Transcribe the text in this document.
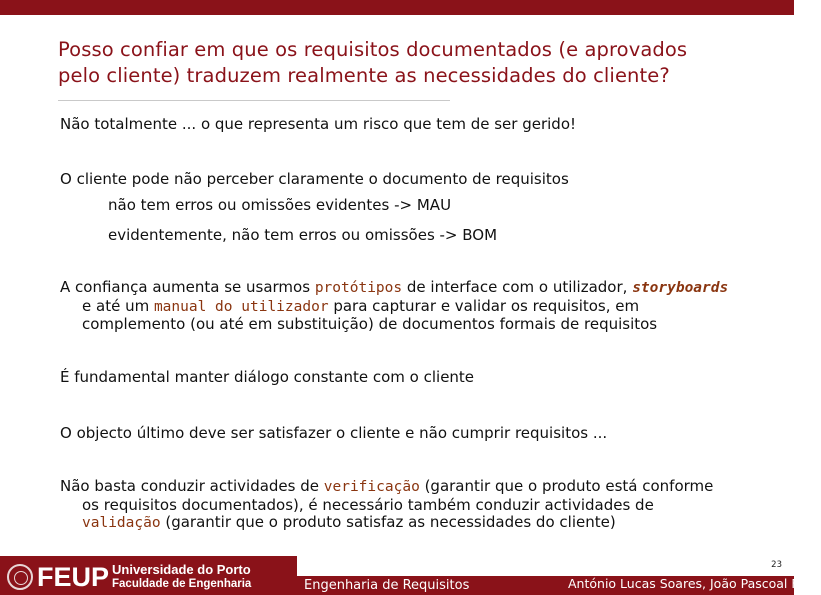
Posso confiar em que os requisitos documentados (e aprovados
pelo cliente) traduzem realmente as necessidades do cliente?
Não totalmente ... o que representa um risco que tem de ser gerido!
O cliente pode não perceber claramente o documento de requisitos
não tem erros ou omissões evidentes -> MAU
evidentemente, não tem erros ou omissões -> BOM
A confiança aumenta se usarmos protótipos de interface com o utilizador, storyboards
e até um manual do utilizador para capturar e validar os requisitos, em
complemento (ou até em substituição) de documentos formais de requisitos
É fundamental manter diálogo constante com o cliente
O objecto último deve ser satisfazer o cliente e não cumprir requisitos ...
Não basta conduzir actividades de verificação (garantir que o produto está conforme
os requisitos documentados), é necessário também conduzir actividades de
validação (garantir que o produto satisfaz as necessidades do cliente)
FEUP Universidade do Porto
Faculdade de Engenharia
23
Engenharia de Requisitos	António Lucas Soares, João Pascoal Faria
